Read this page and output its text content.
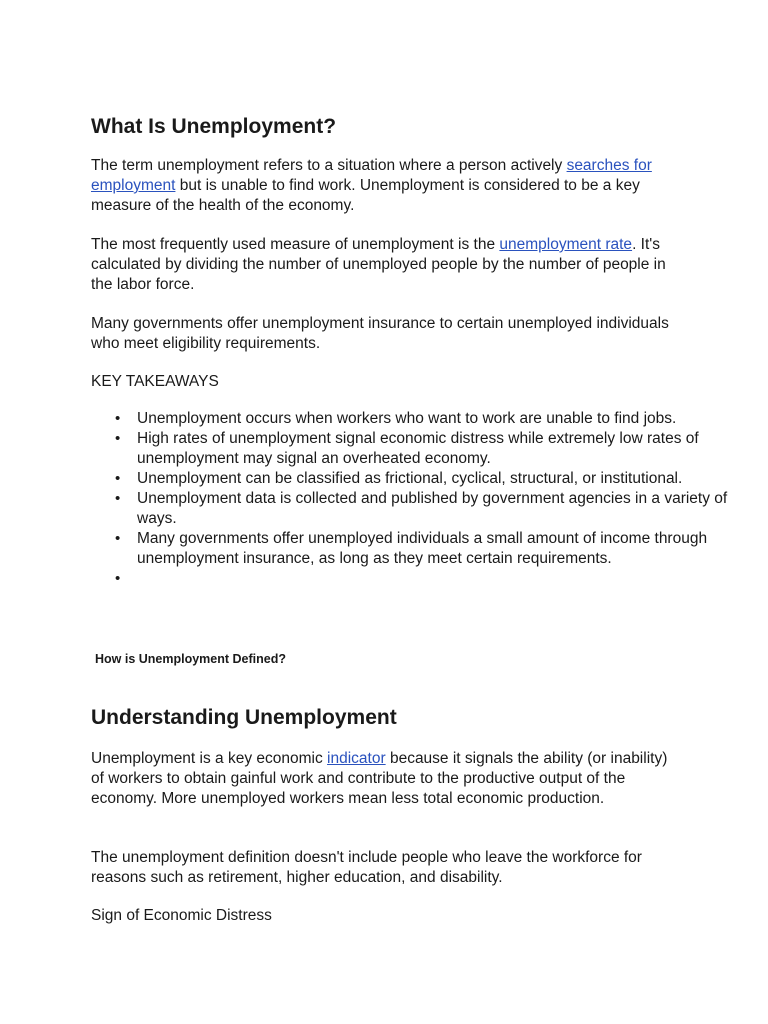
What Is Unemployment?

The term unemployment refers to a situation where a person actively searches for employment but is unable to find work. Unemployment is considered to be a key measure of the health of the economy.

The most frequently used measure of unemployment is the unemployment rate. It's calculated by dividing the number of unemployed people by the number of people in the labor force.

Many governments offer unemployment insurance to certain unemployed individuals who meet eligibility requirements.

KEY TAKEAWAYS

• Unemployment occurs when workers who want to work are unable to find jobs.
• High rates of unemployment signal economic distress while extremely low rates of unemployment may signal an overheated economy.
• Unemployment can be classified as frictional, cyclical, structural, or institutional.
• Unemployment data is collected and published by government agencies in a variety of ways.
• Many governments offer unemployed individuals a small amount of income through unemployment insurance, as long as they meet certain requirements.
•

How is Unemployment Defined?

Understanding Unemployment

Unemployment is a key economic indicator because it signals the ability (or inability) of workers to obtain gainful work and contribute to the productive output of the economy. More unemployed workers mean less total economic production.

The unemployment definition doesn't include people who leave the workforce for reasons such as retirement, higher education, and disability.

Sign of Economic Distress
